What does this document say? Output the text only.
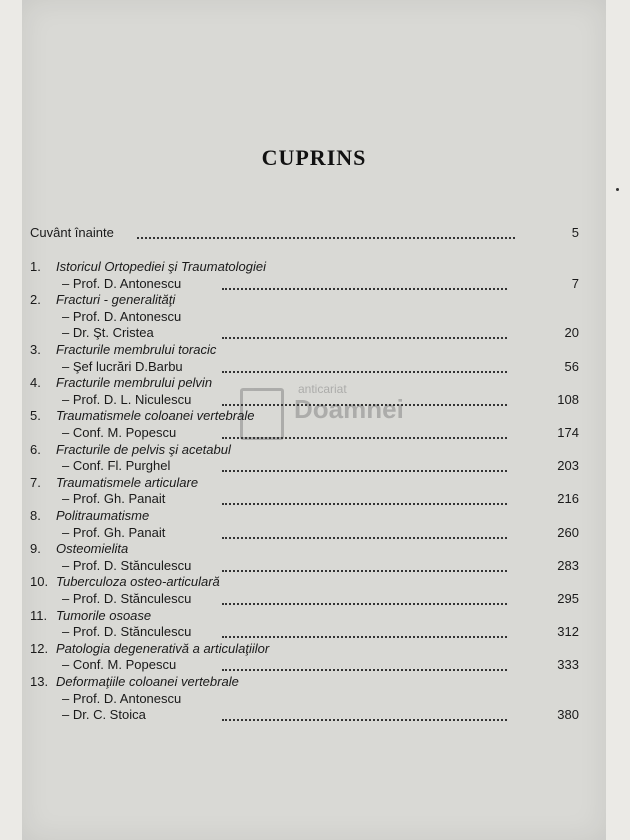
CUPRINS
anticariat
Doamnei
Cuvânt înainte	5
1. Istoricul Ortopediei şi Traumatologiei
– Prof. D. Antonescu	7
2. Fracturi - generalităţi
– Prof. D. Antonescu
– Dr. Şt. Cristea	20
3. Fracturile membrului toracic
– Şef lucrări D.Barbu	56
4. Fracturile membrului pelvin
– Prof. D. L. Niculescu	108
5. Traumatismele coloanei vertebrale
– Conf. M. Popescu	174
6. Fracturile de pelvis şi acetabul
– Conf. Fl. Purghel	203
7. Traumatismele articulare
– Prof. Gh. Panait	216
8. Politraumatisme
– Prof. Gh. Panait	260
9. Osteomielita
– Prof. D. Stănculescu	283
10. Tuberculoza osteo-articulară
– Prof. D. Stănculescu	295
11. Tumorile osoase
– Prof. D. Stănculescu	312
12. Patologia degenerativă a articulaţiilor
– Conf. M. Popescu	333
13. Deformaţiile coloanei vertebrale
– Prof. D. Antonescu
– Dr. C. Stoica	380
